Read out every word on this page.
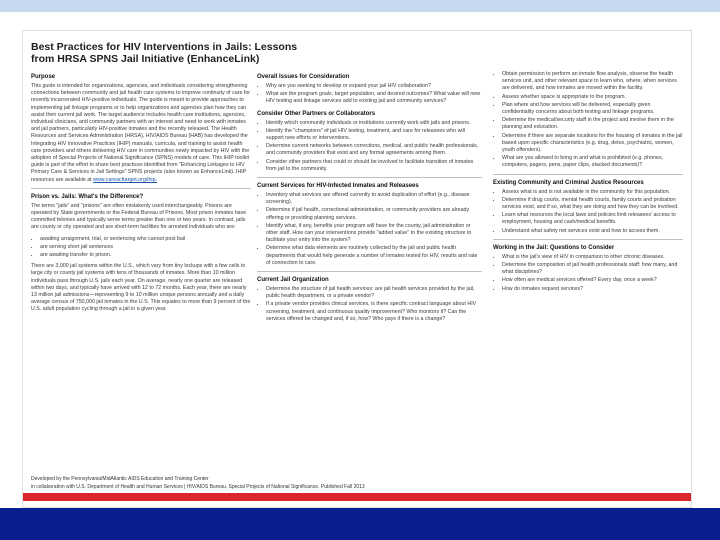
Best Practices for HIV Interventions in Jails: Lessons
from HRSA SPNS Jail Initiative (EnhanceLink)
Purpose

This guide is intended for organizations, agencies, and individuals considering strengthening connections between community and jail health care systems to improve continuity of care for recently incarcerated HIV-positive individuals. The guide is meant to provide approaches to implementing jail linkage programs or to help organizations and agencies plan how they can assist their current jail work. The target audience includes health care institutions, agencies, individual clinicians, and community partners with an interest and need to work with inmates and jail partners, particularly HIV-positive inmates and the recently released. The Health Resources and Services Administration (HRSA), HIV/AIDS Bureau (HAB) has developed the Integrating HIV Innovative Practices (IHIP) manuals, curricula, and training to assist health care providers and others delivering HIV care in communities newly impacted by HIV with the adoption of Special Projects of National Significance (SPNS) models of care. This IHIP toolkit guide is part of the effort to share best practices identified from "Enhancing Linkages to HIV Primary Care & Services in Jail Settings" SPNS projects (also known as EnhanceLink). IHIP resources are available at www.careacttarget.org/ihip.

Prison vs. Jails: What's the Difference?

The terms "jails" and "prisons" are often mistakenly used interchangeably. Prisons are operated by State governments or the Federal Bureau of Prisons. Most prison inmates have committed felonies and typically serve terms greater than one or two years. In contrast, jails are county or city operated and are short-term facilities for arrested individuals who are:

• awaiting arraignment, trial, or sentencing who cannot post bail
• are serving short jail sentences
• are awaiting transfer to prison.

There are 3,000 jail systems within the U.S., which vary from tiny lockups with a few cells to large city or county jail systems with tens of thousands of inmates. More than 10 million individuals pass through U.S. jails each year. On average, nearly one quarter are released within two days, and typically have arrived with 12 to 72 months. Each year, there are nearly 13 million jail admissions—representing 9 to 10 million unique persons annually and a daily average census of 750,000 jail inmates in the U.S. This equates to more than 9 percent of the U.S. adult population cycling through a jail in a given year.

Overall Issues for Consideration
• Why are you seeking to develop or expand your jail HIV collaboration?
• What are the program goals, target population, and desired outcomes? What value will new HIV testing and linkage services add to existing jail and community services?
Consider Other Partners or Collaborators
• Identify which community individuals or institutions currently work with jails and prisons.
• Identify the "champions" of jail HIV testing, treatment, and care for releasees who will support new efforts or interventions.
• Determine current networks between corrections, medical, and public health professionals, and community providers that exist and any formal agreements among them.
• Consider other partners that could or should be involved to facilitate transition of inmates from jail to the community.
Current Services for HIV-Infected Inmates and Releasees
• Inventory what services are offered currently to avoid duplication of effort (e.g., disease screening).
• Determine if jail health, correctional administration, or community providers are already offering or providing planning services.
• Identify what, if any, benefits your program will have for the county, jail administration or other staff. How can your interventions provide "added value" to the existing structure to facilitate your entry into the system?
• Determine what data elements are routinely collected by the jail and public health departments that would help generate a number of inmates tested for HIV, results and rate of connection to care.
Current Jail Organization
• Determine the structure of jail health services: are jail health services provided by the jail, public health department, or a private vendor?
• If a private vendor provides clinical services, is there specific contract language about HIV screening, treatment, and continuous quality improvement? Who monitors it? Can the services offered be changed and, if so, how? Who pays if there is a change?
• Obtain permission to perform an inmate flow analysis, observe the health services unit, and other relevant space to learn who, where, when services are delivered, and how inmates are moved within the facility.
• Assess whether space is appropriate to the program.
• Plan where and how services will be delivered, especially given confidentiality concerns about both testing and linkage programs.
• Determine the medical/security staff in the project and involve them in the planning and education.
• Determine if there are separate locations for the housing of inmates in the jail based upon specific characteristics (e.g. drug, detox, psychiatric, women, youth offenders).
• What are you allowed to bring in and what is prohibited (e.g. phones, computers, pagers, pens, paper clips, stacked documents)?
Existing Community and Criminal Justice Resources
• Assess what is and is not available in the community for this population.
• Determine if drug courts, mental health courts, family courts and probation services exist, and if so, what they are doing and how they can be involved.
• Learn what resources the local laws and policies limit releasees' access to employment, housing and cash/medical benefits.
• Understand what safety net services exist and how to access them.
Working in the Jail: Questions to Consider
• What is the jail's view of HIV in comparison to other chronic diseases.
• Determine the composition of jail health professionals staff: how many, and what disciplines?
• How often are medical services offered? Every day, once a week?
• How do inmates request services?
Developed by the Pennsylvania/MidAtlantic AIDS Education and Training Center
in collaboration with U.S. Department of Health and Human Services | HIV/AIDS Bureau, Special Projects of National Significance. Published Fall 2013
